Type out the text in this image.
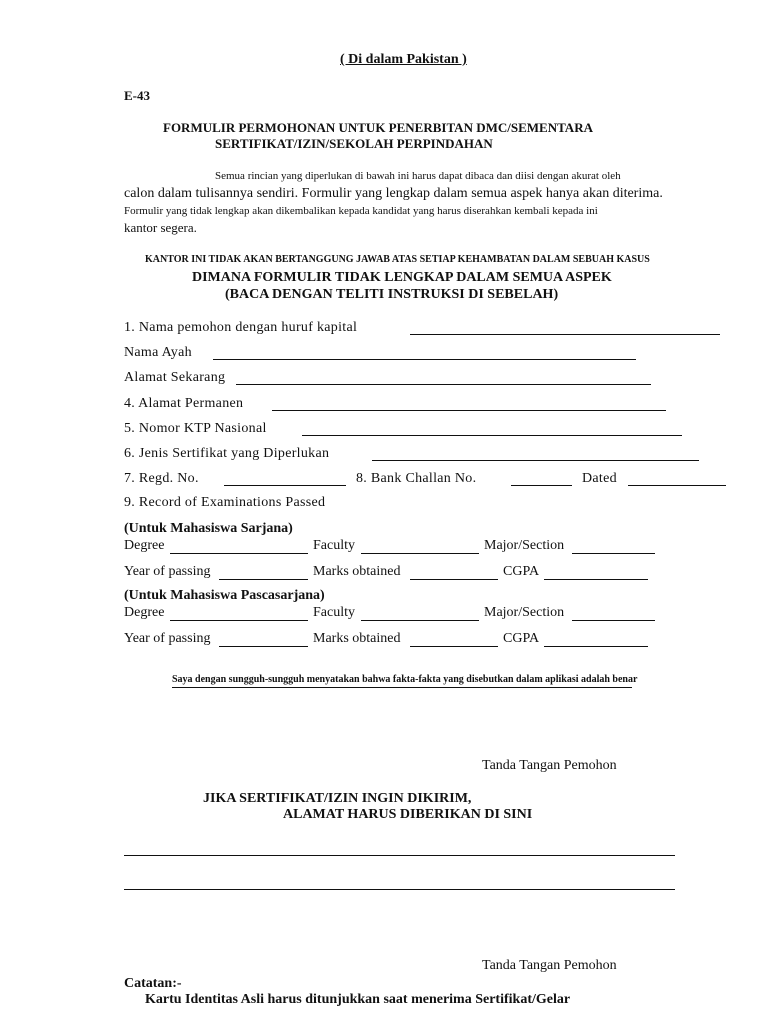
( Di dalam Pakistan )
E-43
FORMULIR PERMOHONAN UNTUK PENERBITAN DMC/SEMENTARA
SERTIFIKAT/IZIN/SEKOLAH PERPINDAHAN
Semua rincian yang diperlukan di bawah ini harus dapat dibaca dan diisi dengan akurat oleh
calon dalam tulisannya sendiri. Formulir yang lengkap dalam semua aspek hanya akan diterima.
Formulir yang tidak lengkap akan dikembalikan kepada kandidat yang harus diserahkan kembali kepada ini
kantor segera.
KANTOR INI TIDAK AKAN BERTANGGUNG JAWAB ATAS SETIAP KEHAMBATAN DALAM SEBUAH KASUS
DIMANA FORMULIR TIDAK LENGKAP DALAM SEMUA ASPEK
(BACA DENGAN TELITI INSTRUKSI DI SEBELAH)
1. Nama pemohon dengan huruf kapital
Nama Ayah
Alamat Sekarang
4. Alamat Permanen
5. Nomor KTP Nasional
6. Jenis Sertifikat yang Diperlukan
7. Regd. No.	8. Bank Challan No.	Dated
9. Record of Examinations Passed
(Untuk Mahasiswa Sarjana)
Degree	Faculty	Major/Section
Year of passing	Marks obtained	CGPA
(Untuk Mahasiswa Pascasarjana)
Degree	Faculty	Major/Section
Year of passing	Marks obtained	CGPA
Saya dengan sungguh-sungguh menyatakan bahwa fakta-fakta yang disebutkan dalam aplikasi adalah benar
Tanda Tangan Pemohon
JIKA SERTIFIKAT/IZIN INGIN DIKIRIM,
ALAMAT HARUS DIBERIKAN DI SINI
Tanda Tangan Pemohon
Catatan:-
Kartu Identitas Asli harus ditunjukkan saat menerima Sertifikat/Gelar
